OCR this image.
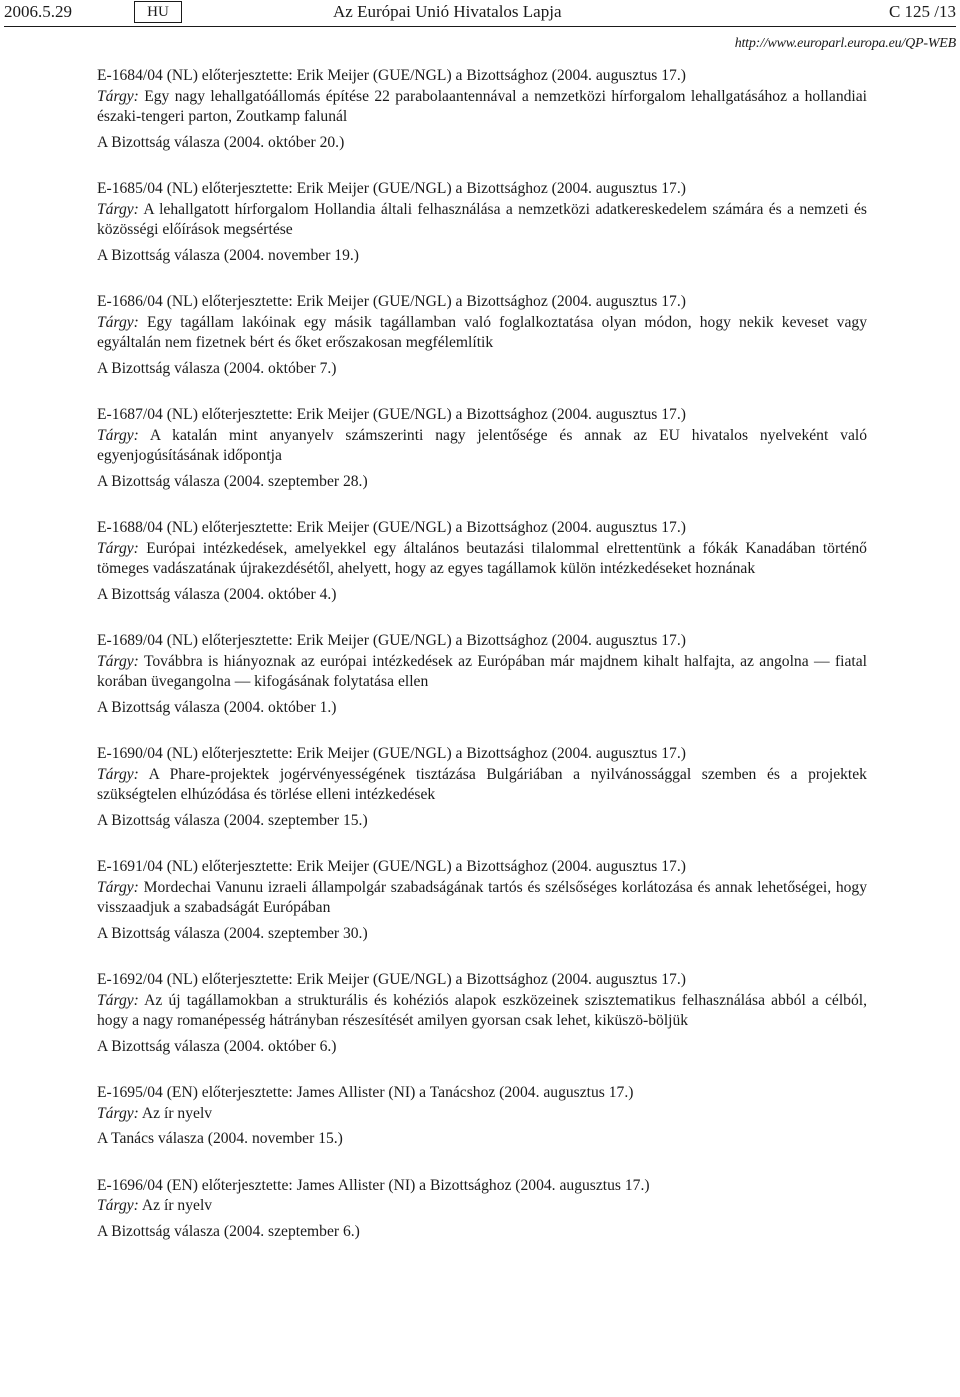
2006.5.29	HU	Az Európai Unió Hivatalos Lapja	C 125 /13
http://www.europarl.europa.eu/QP-WEB

E-1684/04 (NL) előterjesztette: Erik Meijer (GUE/NGL) a Bizottsághoz (2004. augusztus 17.)

Tárgy: Egy nagy lehallgatóállomás építése 22 parabolaantennával a nemzetközi hírforgalom lehallgatásához a hollandiai északi-tengeri parton, Zoutkamp falunál

A Bizottság válasza (2004. október 20.)

E-1685/04 (NL) előterjesztette: Erik Meijer (GUE/NGL) a Bizottsághoz (2004. augusztus 17.)

Tárgy: A lehallgatott hírforgalom Hollandia általi felhasználása a nemzetközi adatkereskedelem számára és a nemzeti és közösségi előírások megsértése

A Bizottság válasza (2004. november 19.)

E-1686/04 (NL) előterjesztette: Erik Meijer (GUE/NGL) a Bizottsághoz (2004. augusztus 17.)

Tárgy: Egy tagállam lakóinak egy másik tagállamban való foglalkoztatása olyan módon, hogy nekik keveset vagy egyáltalán nem fizetnek bért és őket erőszakosan megfélemlítik

A Bizottság válasza (2004. október 7.)

E-1687/04 (NL) előterjesztette: Erik Meijer (GUE/NGL) a Bizottsághoz (2004. augusztus 17.)

Tárgy: A katalán mint anyanyelv számszerinti nagy jelentősége és annak az EU hivatalos nyelveként való egyenjogúsításának időpontja

A Bizottság válasza (2004. szeptember 28.)

E-1688/04 (NL) előterjesztette: Erik Meijer (GUE/NGL) a Bizottsághoz (2004. augusztus 17.)

Tárgy: Európai intézkedések, amelyekkel egy általános beutazási tilalommal elrettentünk a fókák Kanadában történő tömeges vadászatának újrakezdésétől, ahelyett, hogy az egyes tagállamok külön intézkedéseket hoznának

A Bizottság válasza (2004. október 4.)

E-1689/04 (NL) előterjesztette: Erik Meijer (GUE/NGL) a Bizottsághoz (2004. augusztus 17.)

Tárgy: Továbbra is hiányoznak az európai intézkedések az Európában már majdnem kihalt halfajta, az angolna — fiatal korában üvegangolna — kifogásának folytatása ellen

A Bizottság válasza (2004. október 1.)

E-1690/04 (NL) előterjesztette: Erik Meijer (GUE/NGL) a Bizottsághoz (2004. augusztus 17.)

Tárgy: A Phare-projektek jogérvényességének tisztázása Bulgáriában a nyilvánossággal szemben és a projektek szükségtelen elhúzódása és törlése elleni intézkedések

A Bizottság válasza (2004. szeptember 15.)

E-1691/04 (NL) előterjesztette: Erik Meijer (GUE/NGL) a Bizottsághoz (2004. augusztus 17.)

Tárgy: Mordechai Vanunu izraeli állampolgár szabadságának tartós és szélsőséges korlátozása és annak lehetőségei, hogy visszaadjuk a szabadságát Európában

A Bizottság válasza (2004. szeptember 30.)

E-1692/04 (NL) előterjesztette: Erik Meijer (GUE/NGL) a Bizottsághoz (2004. augusztus 17.)

Tárgy: Az új tagállamokban a strukturális és kohéziós alapok eszközeinek szisztematikus felhasználása abból a célból, hogy a nagy romanépesség hátrányban részesítését amilyen gyorsan csak lehet, kiküszö-böljük

A Bizottság válasza (2004. október 6.)

E-1695/04 (EN) előterjesztette: James Allister (NI) a Tanácshoz (2004. augusztus 17.)

Tárgy: Az ír nyelv

A Tanács válasza (2004. november 15.)

E-1696/04 (EN) előterjesztette: James Allister (NI) a Bizottsághoz (2004. augusztus 17.)

Tárgy: Az ír nyelv

A Bizottság válasza (2004. szeptember 6.)
